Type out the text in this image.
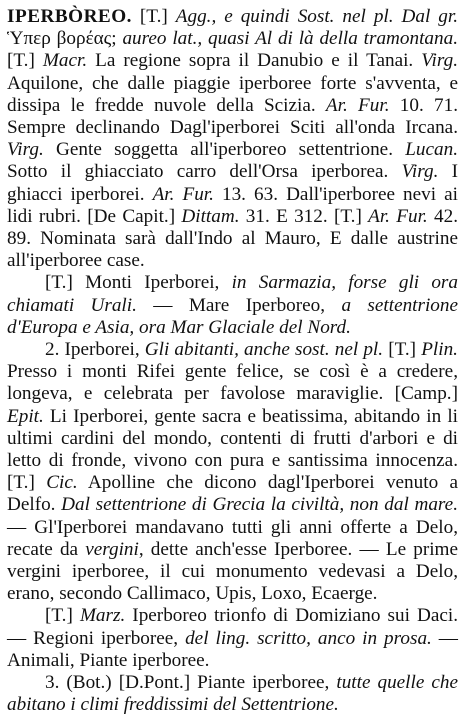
IPERBÒREO. [T.] Agg., e quindi Sost. nel pl. Dal gr. Ὑπερ βορέας; aureo lat., quasi Al di là della tramontana. [T.] Macr. La regione sopra il Danubio e il Tanai. Virg. Aquilone, che dalle piaggie iperboree forte s'avventa, e dissipa le fredde nuvole della Scizia. Ar. Fur. 10. 71. Sempre declinando Dagl'iperborei Sciti all'onda Ircana. Virg. Gente soggetta all'iperboreo settentrione. Lucan. Sotto il ghiacciato carro dell'Orsa iperborea. Virg. I ghiacci iperborei. Ar. Fur. 13. 63. Dall'iperboree nevi ai lidi rubri. [De Capit.] Dittam. 31. E 312. [T.] Ar. Fur. 42. 89. Nominata sarà dall'Indo al Mauro, E dalle austrine all'iperboree case.

[T.] Monti Iperborei, in Sarmazia, forse gli ora chiamati Urali. — Mare Iperboreo, a settentrione d'Europa e Asia, ora Mar Glaciale del Nord.

2. Iperborei, Gli abitanti, anche sost. nel pl. [T.] Plin. Presso i monti Rifei gente felice, se così è a credere, longeva, e celebrata per favolose maraviglie. [Camp.] Epit. Li Iperborei, gente sacra e beatissima, abitando in li ultimi cardini del mondo, contenti di frutti d'arbori e di letto di fronde, vivono con pura e santissima innocenza. [T.] Cic. Apolline che dicono dagl'Iperborei venuto a Delfo. Dal settentrione di Grecia la civiltà, non dal mare. — Gl'Iperborei mandavano tutti gli anni offerte a Delo, recate da vergini, dette anch'esse Iperboree. — Le prime vergini iperboree, il cui monumento vedevasi a Delo, erano, secondo Callimaco, Upis, Loxo, Ecaerge.

[T.] Marz. Iperboreo trionfo di Domiziano sui Daci. — Regioni iperboree, del ling. scritto, anco in prosa. — Animali, Piante iperboree.

3. (Bot.) [D.Pont.] Piante iperboree, tutte quelle che abitano i climi freddissimi del Settentrione.
